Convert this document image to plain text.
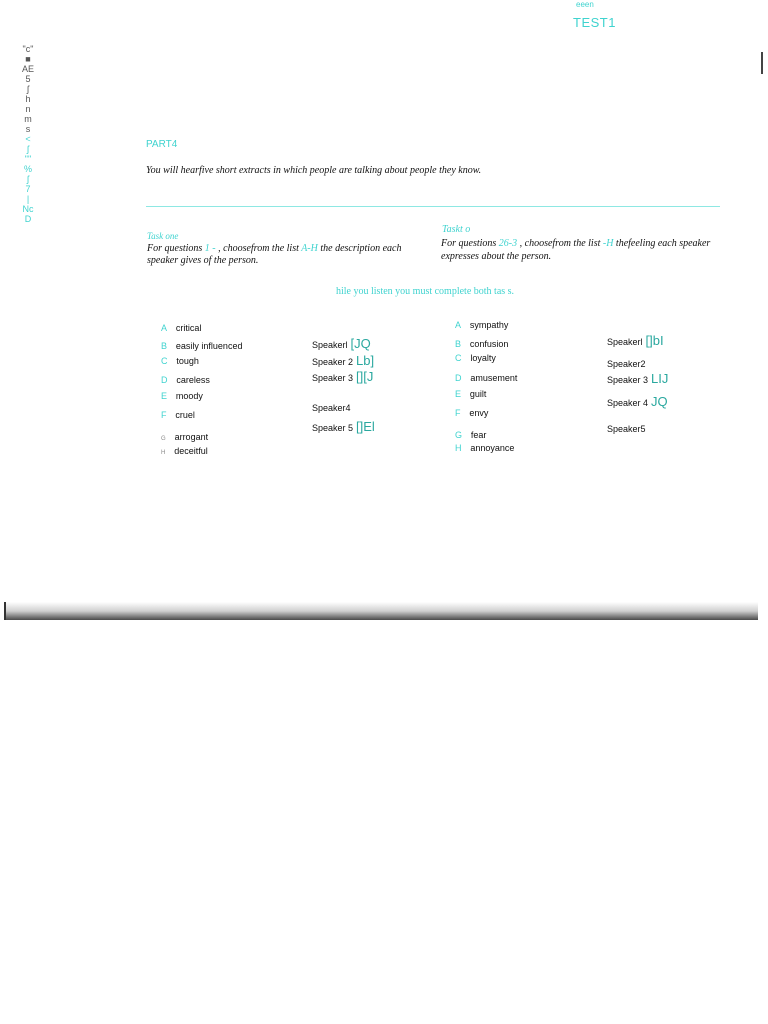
eeen
TEST1
"c"
■
AE
5
ʃ
h
n
m
s
<
ʃ
""
%
ʃ
7
|
Nc
D
PART4
You will hearfive short extracts in which people are talking about people they know.
Task one
For questions 1 - , choosefrom the list A-H the description each speaker gives of the person.
Taskt o
For questions 26-3 , choosefrom the list -H thefeeling each speaker expresses about the person.
hile you listen you must complete both tas s.
A critical
B easily influenced
C tough
D careless
E moody
F cruel
G arrogant
H deceitful
Speakerl [JQ
Speaker 2 Lb]
Speaker 3 [][J
Speaker4
Speaker 5 []El
A sympathy
B confusion
C loyalty
D amusement
E guilt
F envy
G fear
H annoyance
Speakerl []bI
Speaker2
Speaker 3 LIJ
Speaker 4 JQ
Speaker5
